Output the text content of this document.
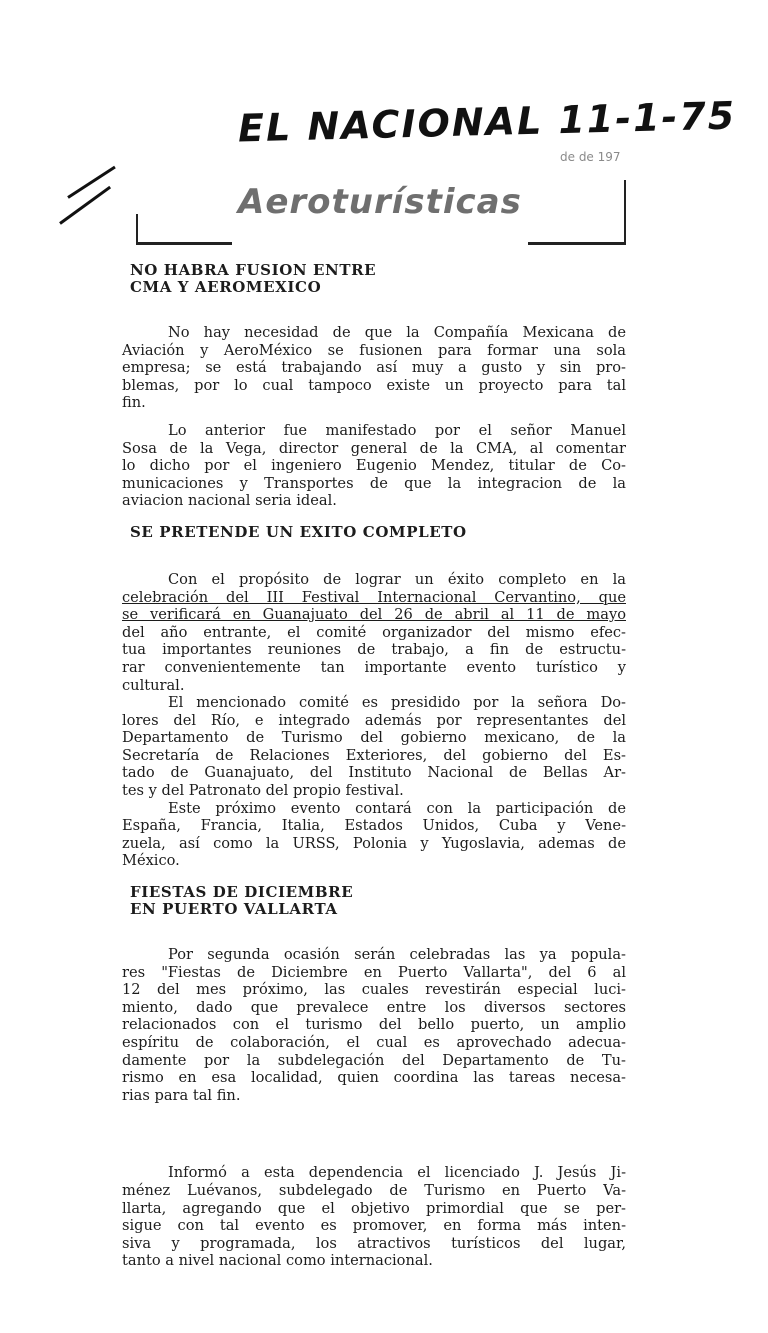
EL NACIONAL 11-1-75
de de 197
Aeroturísticas
NO HABRA FUSION ENTRE
CMA Y AEROMEXICO
No hay necesidad de que la Compañía Mexicana de
Aviación y AeroMéxico se fusionen para formar una sola
empresa; se está trabajando así muy a gusto y sin pro-
blemas, por lo cual tampoco existe un proyecto para tal
fin.
Lo anterior fue manifestado por el señor Manuel
Sosa de la Vega, director general de la CMA, al comentar
lo dicho por el ingeniero Eugenio Mendez, titular de Co-
municaciones y Transportes de que la integracion de la
aviacion nacional seria ideal.
SE PRETENDE UN EXITO COMPLETO
Con el propósito de lograr un éxito completo en la
celebración del III Festival Internacional Cervantino, que
se verificará en Guanajuato del 26 de abril al 11 de mayo
del año entrante, el comité organizador del mismo efec-
tua importantes reuniones de trabajo, a fin de estructu-
rar convenientemente tan importante evento turístico y
cultural.
El mencionado comité es presidido por la señora Do-
lores del Río, e integrado además por representantes del
Departamento de Turismo del gobierno mexicano, de la
Secretaría de Relaciones Exteriores, del gobierno del Es-
tado de Guanajuato, del Instituto Nacional de Bellas Ar-
tes y del Patronato del propio festival.
Este próximo evento contará con la participación de
España, Francia, Italia, Estados Unidos, Cuba y Vene-
zuela, así como la URSS, Polonia y Yugoslavia, ademas de
México.
FIESTAS DE DICIEMBRE
EN PUERTO VALLARTA
Por segunda ocasión serán celebradas las ya popula-
res "Fiestas de Diciembre en Puerto Vallarta", del 6 al
12 del mes próximo, las cuales revestirán especial luci-
miento, dado que prevalece entre los diversos sectores
relacionados con el turismo del bello puerto, un amplio
espíritu de colaboración, el cual es aprovechado adecua-
damente por la subdelegación del Departamento de Tu-
rismo en esa localidad, quien coordina las tareas necesa-
rias para tal fin.
Informó a esta dependencia el licenciado J. Jesús Ji-
ménez Luévanos, subdelegado de Turismo en Puerto Va-
llarta, agregando que el objetivo primordial que se per-
sigue con tal evento es promover, en forma más inten-
siva y programada, los atractivos turísticos del lugar,
tanto a nivel nacional como internacional.
